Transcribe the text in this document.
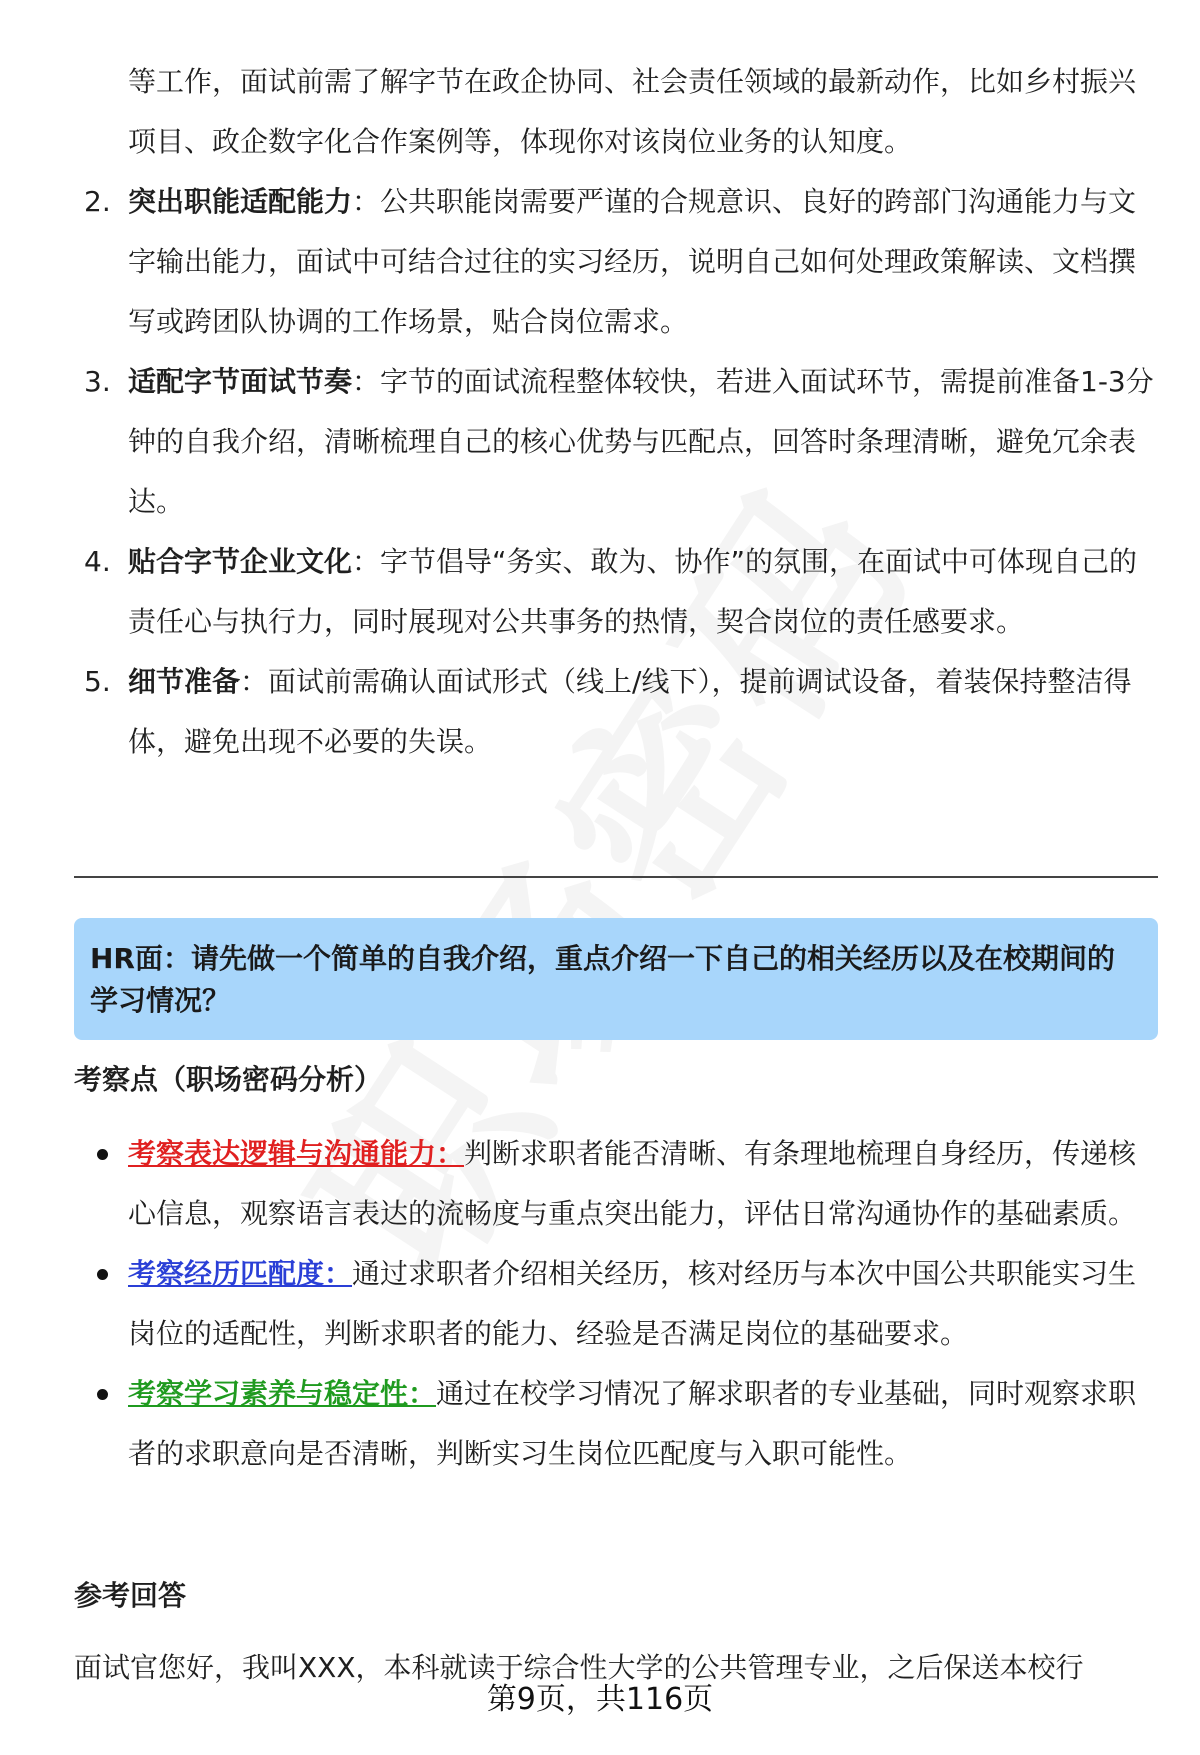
等工作，面试前需了解字节在政企协同、社会责任领域的最新动作，比如乡村振兴项目、政企数字化合作案例等，体现你对该岗位业务的认知度。

2. 突出职能适配能力：公共职能岗需要严谨的合规意识、良好的跨部门沟通能力与文字输出能力，面试中可结合过往的实习经历，说明自己如何处理政策解读、文档撰写或跨团队协调的工作场景，贴合岗位需求。
3. 适配字节面试节奏：字节的面试流程整体较快，若进入面试环节，需提前准备1-3分钟的自我介绍，清晰梳理自己的核心优势与匹配点，回答时条理清晰，避免冗余表达。
4. 贴合字节企业文化：字节倡导“务实、敢为、协作”的氛围，在面试中可体现自己的责任心与执行力，同时展现对公共事务的热情，契合岗位的责任感要求。
5. 细节准备：面试前需确认面试形式（线上/线下），提前调试设备，着装保持整洁得体，避免出现不必要的失误。
HR面：请先做一个简单的自我介绍，重点介绍一下自己的相关经历以及在校期间的学习情况？
考察点（职场密码分析）
考察表达逻辑与沟通能力：判断求职者能否清晰、有条理地梳理自身经历，传递核心信息，观察语言表达的流畅度与重点突出能力，评估日常沟通协作的基础素质。
考察经历匹配度：通过求职者介绍相关经历，核对经历与本次中国公共职能实习生岗位的适配性，判断求职者的能力、经验是否满足岗位的基础要求。
考察学习素养与稳定性：通过在校学习情况了解求职者的专业基础，同时观察求职者的求职意向是否清晰，判断实习生岗位匹配度与入职可能性。
参考回答

面试官您好，我叫XXX，本科就读于综合性大学的公共管理专业，之后保送本校行

第9页，共116页
